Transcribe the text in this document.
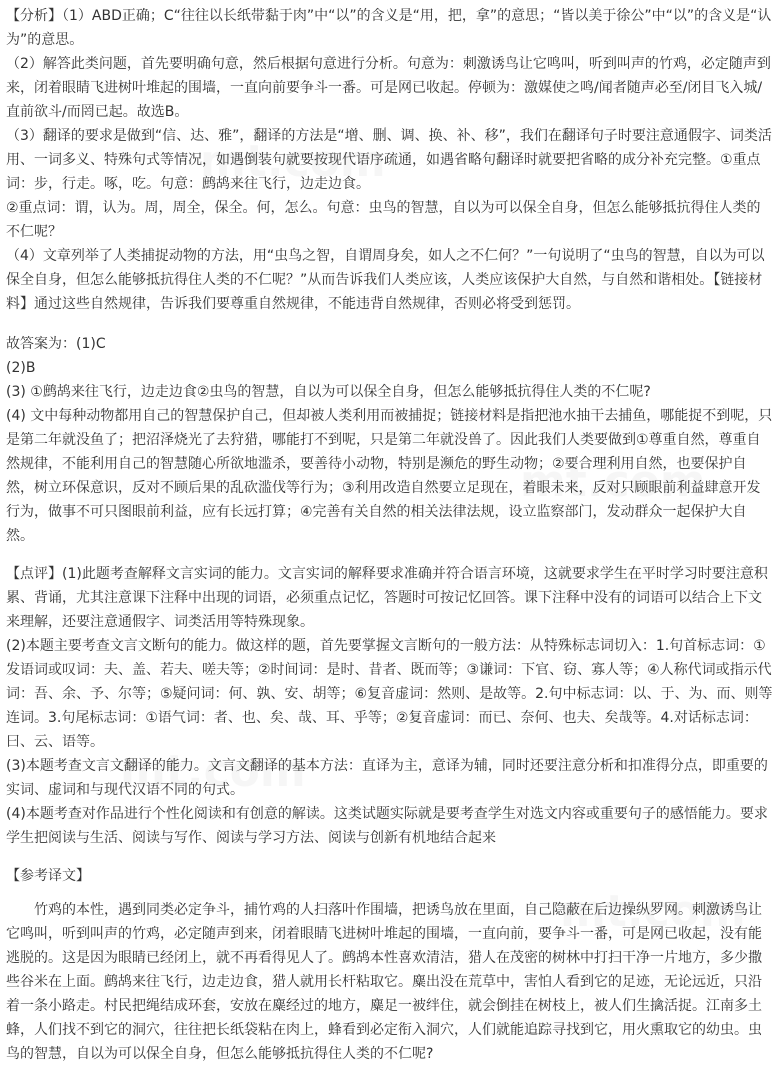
【分析】（1）ABD正确；C“往往以长纸带黏于肉”中“以”的含义是“用，把，拿”的意思；“皆以美于徐公”中“以”的含义是“认为”的意思。

（2）解答此类问题，首先要明确句意，然后根据句意进行分析。句意为：刺激诱鸟让它鸣叫，听到叫声的竹鸡，必定随声到来，闭着眼睛飞进树叶堆起的围墙，一直向前要争斗一番。可是网已收起。停顿为：激媒使之鸣/闻者随声必至/闭目飞入城/直前欲斗/而罔已起。故选B。

（3）翻译的要求是做到“信、达、雅”，翻译的方法是“增、删、调、换、补、移”，我们在翻译句子时要注意通假字、词类活用、一词多义、特殊句式等情况，如遇倒装句就要按现代语序疏通，如遇省略句翻译时就要把省略的成分补充完整。①重点词：步，行走。啄，吃。句意：鹧鸪来往飞行，边走边食。

②重点词：谓，认为。周，周全，保全。何，怎么。句意：虫鸟的智慧，自以为可以保全自身，但怎么能够抵抗得住人类的不仁呢？

（4）文章列举了人类捕捉动物的方法，用“虫鸟之智，自谓周身矣，如人之不仁何？”一句说明了“虫鸟的智慧，自以为可以保全自身，但怎么能够抵抗得住人类的不仁呢？”从而告诉我们人类应该，人类应该保护大自然，与自然和谐相处。【链接材料】通过这些自然规律，告诉我们要尊重自然规律，不能违背自然规律，否则必将受到惩罚。

故答案为：(1)C

(2)B

(3) ①鹧鸪来往飞行，边走边食②虫鸟的智慧，自以为可以保全自身，但怎么能够抵抗得住人类的不仁呢?

(4) 文中每种动物都用自己的智慧保护自己，但却被人类利用而被捕捉；链接材料是指把池水抽干去捕鱼，哪能捉不到呢，只是第二年就没鱼了；把沼泽烧光了去狩猎，哪能打不到呢，只是第二年就没兽了。因此我们人类要做到①尊重自然，尊重自然规律，不能利用自己的智慧随心所欲地滥杀，要善待小动物，特别是濒危的野生动物；②要合理利用自然，也要保护自然，树立环保意识，反对不顾后果的乱砍滥伐等行为；③利用改造自然要立足现在，着眼未来，反对只顾眼前利益肆意开发行为，做事不可只图眼前利益，应有长远打算；④完善有关自然的相关法律法规，设立监察部门，发动群众一起保护大自然。

【点评】(1)此题考查解释文言实词的能力。文言实词的解释要求准确并符合语言环境，这就要求学生在平时学习时要注意积累、背诵，尤其注意课下注释中出现的词语，必须重点记忆，答题时可按记忆回答。课下注释中没有的词语可以结合上下文来理解，还要注意通假字、词类活用等特殊现象。

(2)本题主要考查文言文断句的能力。做这样的题，首先要掌握文言断句的一般方法：从特殊标志词切入：1.句首标志词：①发语词或叹词：夫、盖、若夫、嗟夫等；②时间词：是时、昔者、既而等；③谦词：下官、窃、寡人等；④人称代词或指示代词：吾、余、予、尔等；⑤疑问词：何、孰、安、胡等；⑥复音虚词：然则、是故等。2.句中标志词：以、于、为、而、则等连词。3.句尾标志词：①语气词：者、也、矣、哉、耳、乎等；②复音虚词：而已、奈何、也夫、矣哉等。4.对话标志词：曰、云、语等。

(3)本题考查文言文翻译的能力。文言文翻译的基本方法：直译为主，意译为辅，同时还要注意分析和扣准得分点，即重要的实词、虚词和与现代汉语不同的句式。

(4)本题考查对作品进行个性化阅读和有创意的解读。这类试题实际就是要考查学生对选文内容或重要句子的感悟能力。要求学生把阅读与生活、阅读与写作、阅读与学习方法、阅读与创新有机地结合起来

【参考译文】

竹鸡的本性，遇到同类必定争斗，捕竹鸡的人扫落叶作围墙，把诱鸟放在里面，自己隐蔽在后边操纵罗网。刺激诱鸟让它鸣叫，听到叫声的竹鸡，必定随声到来，闭着眼睛飞进树叶堆起的围墙，一直向前，要争斗一番，可是网已收起，没有能逃脱的。这是因为眼睛已经闭上，就不再看得见人了。鹧鸪本性喜欢清洁，猎人在茂密的树林中打扫干净一片地方，多少撒些谷米在上面。鹧鸪来往飞行，边走边食，猎人就用长杆粘取它。麋出没在荒草中，害怕人看到它的足迹，无论远近，只沿着一条小路走。村民把绳结成环套，安放在麋经过的地方，麋足一被绊住，就会倒挂在树枝上，被人们生擒活捉。江南多土蜂，人们找不到它的洞穴，往往把长纸袋粘在肉上，蜂看到必定衔入洞穴，人们就能追踪寻找到它，用火熏取它的幼虫。虫鸟的智慧，自以为可以保全自身，但怎么能够抵抗得住人类的不仁呢?
